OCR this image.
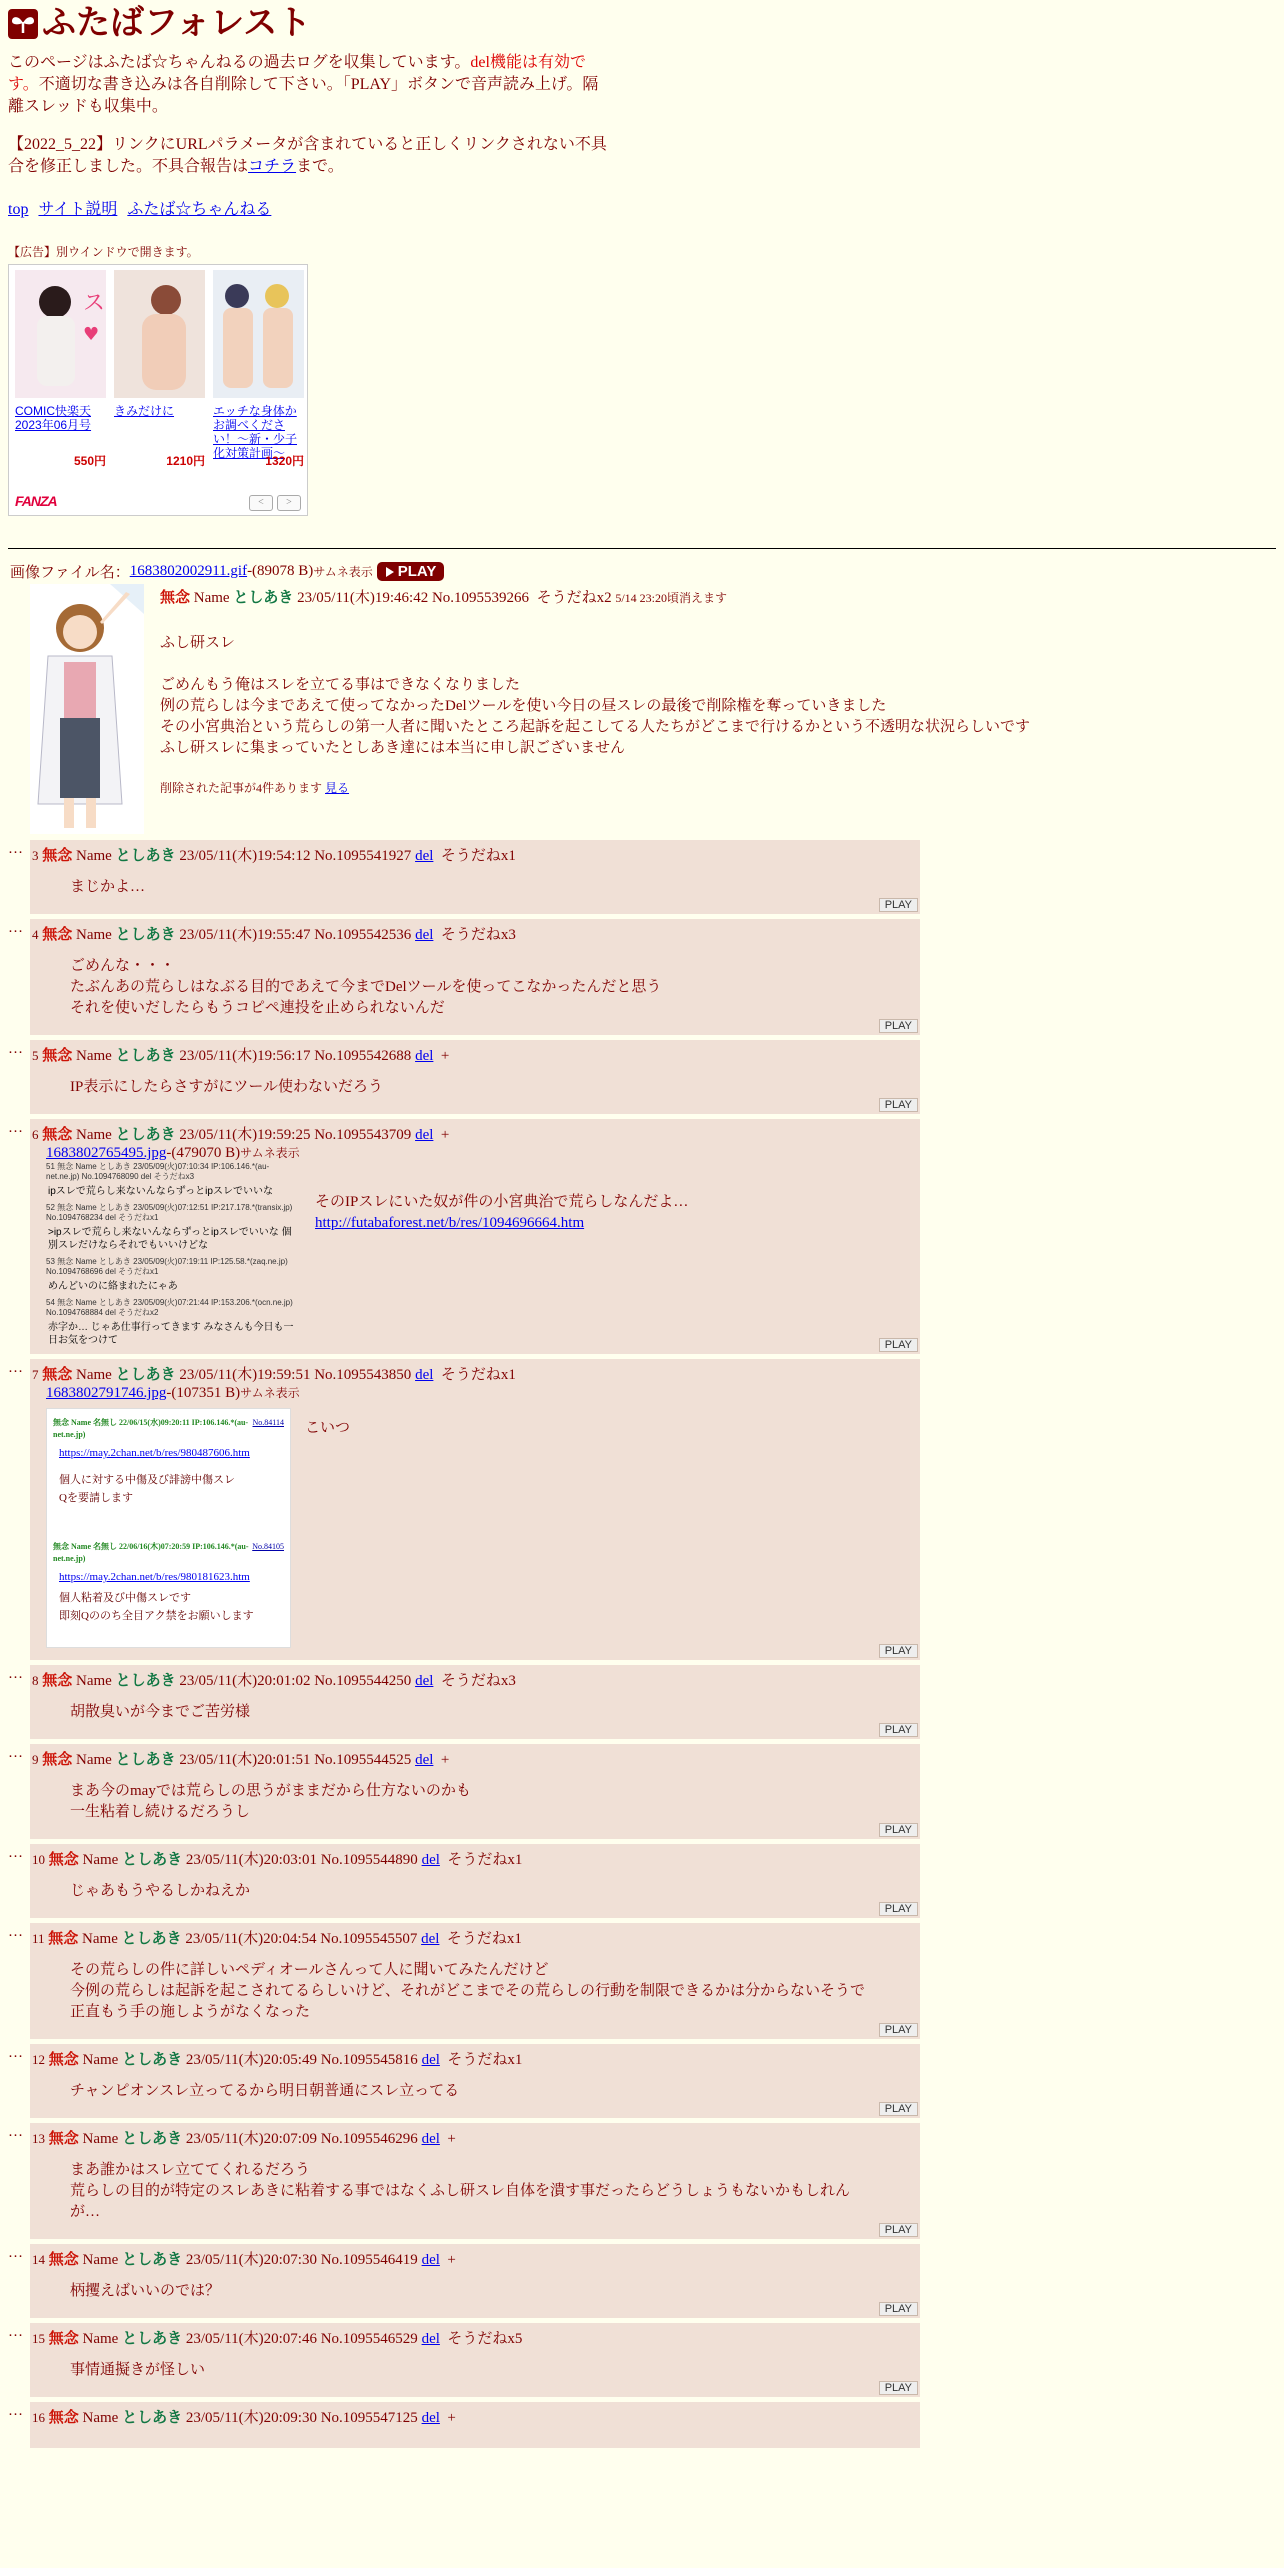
ふたばフォレスト
このページはふたば☆ちゃんねるの過去ログを収集しています。del機能は有効です。不適切な書き込みは各自削除して下さい。「PLAY」ボタンで音声読み上げ。隔離スレッドも収集中。
【2022_5_22】リンクにURLパラメータが含まれていると正しくリンクされない不具合を修正しました。不具合報告はコチラまで。
top サイト説明 ふたば☆ちゃんねる
【広告】別ウインドウで開きます。
ス
♥
COMIC快楽天 2023年06月号
550円
きみだけに
1210円
エッチな身体かお調べください！〜新・少子化対策計画〜
1320円
FANZA	<	>
画像ファイル名： 1683802002911.gif -(89078 B) サムネ表示 PLAY
無念 Name としあき 23/05/11(木)19:46:42 No.1095539266 そうだねx2 5/14 23:20頃消えます
ふし研スレ
ごめんもう俺はスレを立てる事はできなくなりました
例の荒らしは今まであえて使ってなかったDelツールを使い今日の昼スレの最後で削除権を奪っていきました
その小宮典治という荒らしの第一人者に聞いたところ起訴を起こしてる人たちがどこまで行けるかという不透明な状況らしいです
ふし研スレに集まっていたとしあき達には本当に申し訳ございません
削除された記事が4件あります 見る
… 3 無念 Name としあき 23/05/11(木)19:54:12 No.1095541927 del そうだねx1
まじかよ…
PLAY
… 4 無念 Name としあき 23/05/11(木)19:55:47 No.1095542536 del そうだねx3
ごめんな・・・
たぶんあの荒らしはなぶる目的であえて今までDelツールを使ってこなかったんだと思う
それを使いだしたらもうコピペ連投を止められないんだ
PLAY
… 5 無念 Name としあき 23/05/11(木)19:56:17 No.1095542688 del +
IP表示にしたらさすがにツール使わないだろう
PLAY
… 6 無念 Name としあき 23/05/11(木)19:59:25 No.1095543709 del +
1683802765495.jpg-(479070 B)サムネ表示
51 無念 Name としあき 23/05/09(火)07:10:34 IP:106.146.*(au-net.ne.jp) No.1094768090 del そうだねx3
ipスレで荒らし来ないんならずっとipスレでいいな
52 無念 Name としあき 23/05/09(火)07:12:51 IP:217.178.*(transix.jp) No.1094768234 del そうだねx1
>ipスレで荒らし来ないんならずっとipスレでいいな 個別スレだけならそれでもいいけどな
53 無念 Name としあき 23/05/09(火)07:19:11 IP:125.58.*(zaq.ne.jp) No.1094768696 del そうだねx1
めんどいのに絡まれたにゃあ
54 無念 Name としあき 23/05/09(火)07:21:44 IP:153.206.*(ocn.ne.jp) No.1094768884 del そうだねx2
赤字か… じゃあ仕事行ってきます みなさんも今日も一日お気をつけて
そのIPスレにいた奴が件の小宮典治で荒らしなんだよ…
http://futabaforest.net/b/res/1094696664.htm
PLAY
… 7 無念 Name としあき 23/05/11(木)19:59:51 No.1095543850 del そうだねx1
1683802791746.jpg-(107351 B)サムネ表示
No.84114
無念 Name 名無し 22/06/15(水)09:20:11 IP:106.146.*(au-net.ne.jp)
https://may.2chan.net/b/res/980487606.htm
個人に対する中傷及び誹謗中傷スレ
Qを要請します
No.84105
無念 Name 名無し 22/06/16(木)07:20:59 IP:106.146.*(au-net.ne.jp)
https://may.2chan.net/b/res/980181623.htm
個人粘着及び中傷スレです
即刻Qののち全目アク禁をお願いします
こいつ
PLAY
… 8 無念 Name としあき 23/05/11(木)20:01:02 No.1095544250 del そうだねx3
胡散臭いが今までご苦労様
PLAY
… 9 無念 Name としあき 23/05/11(木)20:01:51 No.1095544525 del +
まあ今のmayでは荒らしの思うがままだから仕方ないのかも
一生粘着し続けるだろうし
PLAY
… 10 無念 Name としあき 23/05/11(木)20:03:01 No.1095544890 del そうだねx1
じゃあもうやるしかねえか
PLAY
… 11 無念 Name としあき 23/05/11(木)20:04:54 No.1095545507 del そうだねx1
その荒らしの件に詳しいペディオールさんって人に聞いてみたんだけど
今例の荒らしは起訴を起こされてるらしいけど、それがどこまでその荒らしの行動を制限できるかは分からないそうで
正直もう手の施しようがなくなった
PLAY
… 12 無念 Name としあき 23/05/11(木)20:05:49 No.1095545816 del そうだねx1
チャンピオンスレ立ってるから明日朝普通にスレ立ってる
PLAY
… 13 無念 Name としあき 23/05/11(木)20:07:09 No.1095546296 del +
まあ誰かはスレ立ててくれるだろう
荒らしの目的が特定のスレあきに粘着する事ではなくふし研スレ自体を潰す事だったらどうしょうもないかもしれんが…
PLAY
… 14 無念 Name としあき 23/05/11(木)20:07:30 No.1095546419 del +
柄攫えばいいのでは？
PLAY
… 15 無念 Name としあき 23/05/11(木)20:07:46 No.1095546529 del そうだねx5
事情通擬きが怪しい
PLAY
… 16 無念 Name としあき 23/05/11(木)20:09:30 No.1095547125 del +
